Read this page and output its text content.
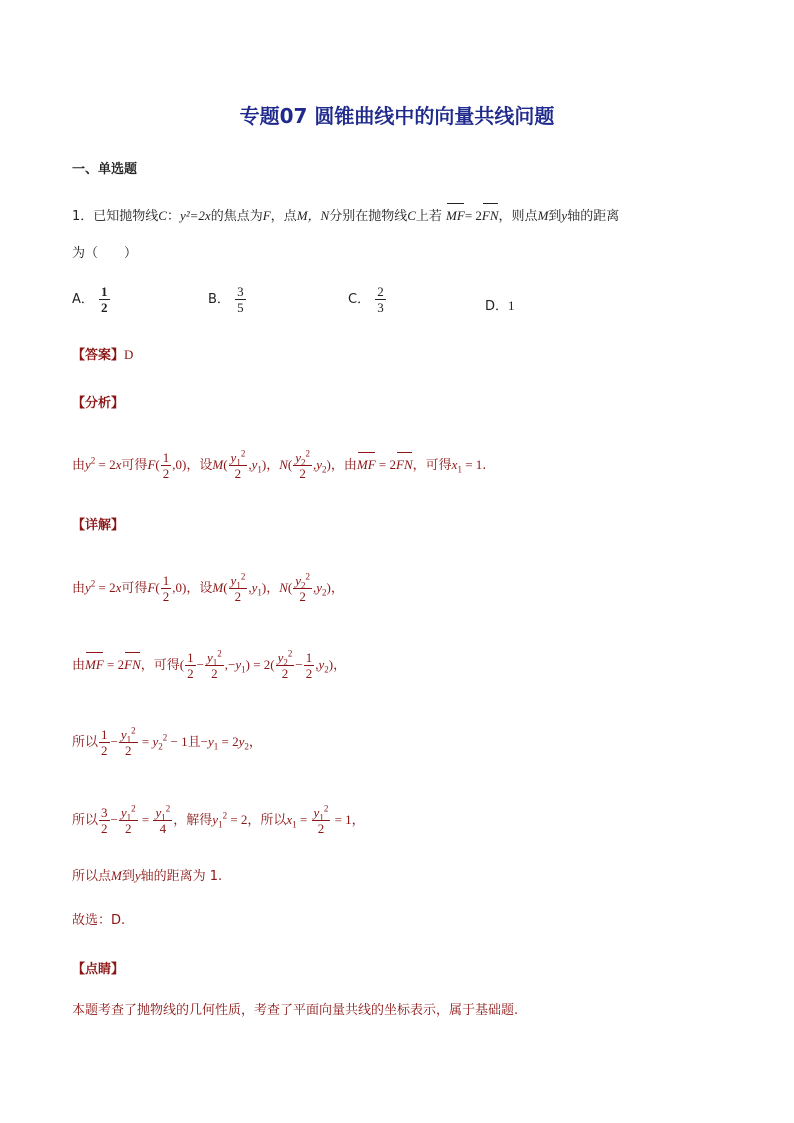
专题07 圆锥曲线中的向量共线问题
一、单选题
1．已知抛物线C：y²=2x的焦点为F，点M，N分别在抛物线C上若 MF= 2FN，则点M到y轴的距离
为（　　）
A． $\frac{1}{2}$	B． $\frac{3}{5}$	C． $\frac{2}{3}$	D．1
【答案】D
【分析】
由$y^2 = 2x$可得$F( \frac{1}{2} ,0)$，设$M( \frac{y_1^2}{2} ,y_1)$，$N( \frac{y_2^2}{2} ,y_2)$，由MF = 2FN，可得$x_1 = 1$.
【详解】
由$y^2 = 2x$可得$F( \frac{1}{2} ,0)$，设$M( \frac{y_1^2}{2} ,y_1)$，$N( \frac{y_2^2}{2} ,y_2)$，
由MF = 2FN，可得( $\frac{1}{2} - \frac{y_1^2}{2} ,-y_1) = 2( \frac{y_2^2}{2} - \frac{1}{2} ,y_2)$，
所以 $\frac{1}{2} - \frac{y_1^2}{2} = y_2^2 - 1$且$-y_1 = 2y_2$，
所以 $\frac{3}{2} - \frac{y_1^2}{2} = \frac{y_1^2}{4}$ ，解得$y_1^2 = 2$，所以$x_1 = \frac{y_1^2}{2} = 1$，
所以点M到y轴的距离为 1.
故选：D.
【点睛】
本题考查了抛物线的几何性质，考查了平面向量共线的坐标表示，属于基础题.
